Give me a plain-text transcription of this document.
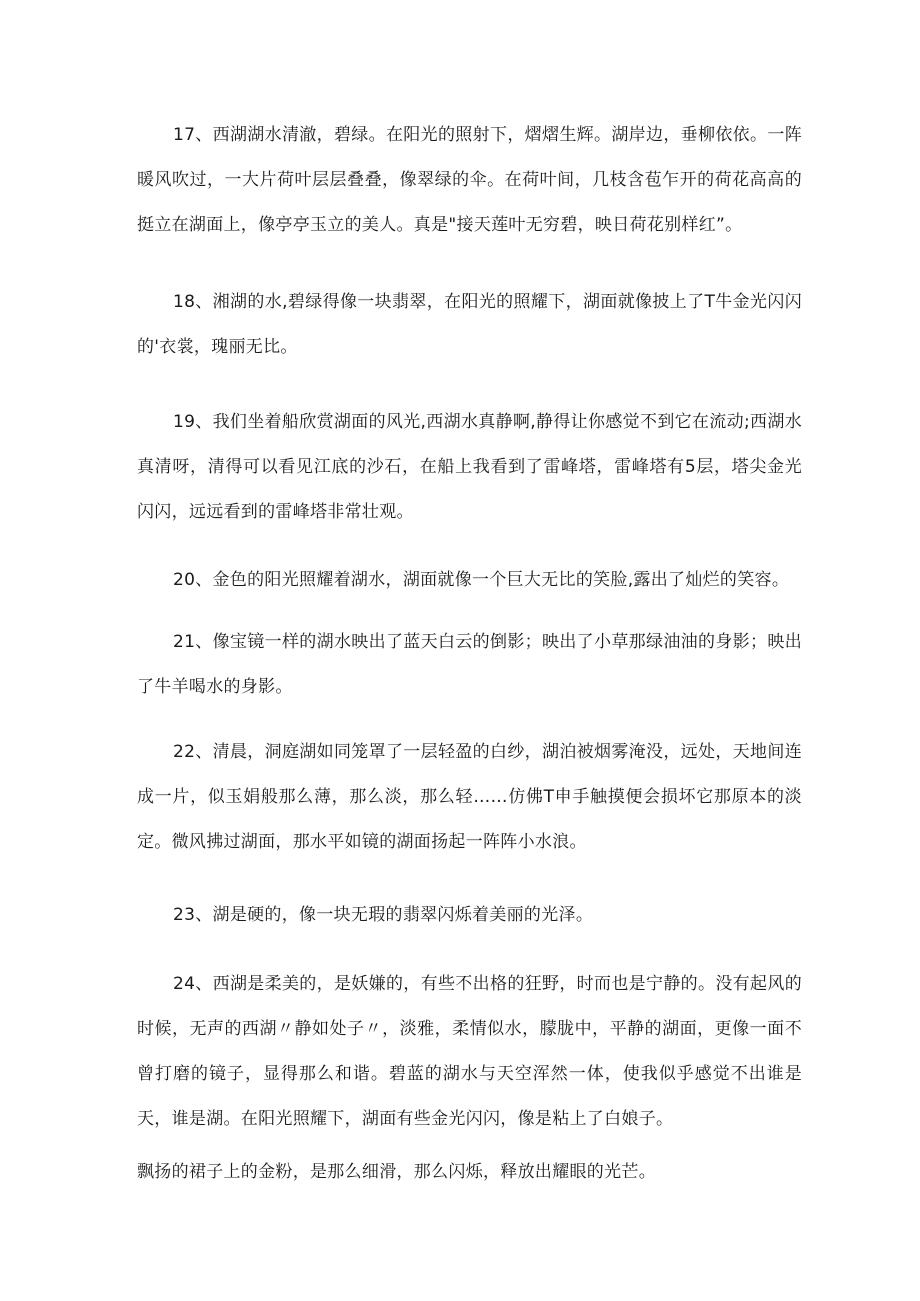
17、西湖湖水清澈，碧绿。在阳光的照射下，熠熠生辉。湖岸边，垂柳依依。一阵暖风吹过，一大片荷叶层层叠叠，像翠绿的伞。在荷叶间，几枝含苞乍开的荷花高高的挺立在湖面上，像亭亭玉立的美人。真是"接天莲叶无穷碧，映日荷花别样红”。

18、湘湖的水,碧绿得像一块翡翠，在阳光的照耀下，湖面就像披上了T牛金光闪闪的'衣裳，瑰丽无比。

19、我们坐着船欣赏湖面的风光,西湖水真静啊,静得让你感觉不到它在流动;西湖水真清呀，清得可以看见江底的沙石，在船上我看到了雷峰塔，雷峰塔有5层，塔尖金光闪闪，远远看到的雷峰塔非常壮观。

20、金色的阳光照耀着湖水，湖面就像一个巨大无比的笑脸,露出了灿烂的笑容。

21、像宝镜一样的湖水映出了蓝天白云的倒影；映出了小草那绿油油的身影；映出了牛羊喝水的身影。

22、清晨，洞庭湖如同笼罩了一层轻盈的白纱，湖泊被烟雾淹没，远处，天地间连成一片，似玉娟般那么薄，那么淡，那么轻……仿佛T申手触摸便会损坏它那原本的淡定。微风拂过湖面，那水平如镜的湖面扬起一阵阵小水浪。

23、湖是硬的，像一块无瑕的翡翠闪烁着美丽的光泽。

24、西湖是柔美的，是妖嫌的，有些不出格的狂野，时而也是宁静的。没有起风的时候，无声的西湖〃静如处子〃，淡雅，柔情似水，朦胧中，平静的湖面，更像一面不曾打磨的镜子，显得那么和谐。碧蓝的湖水与天空浑然一体，使我似乎感觉不出谁是天，谁是湖。在阳光照耀下，湖面有些金光闪闪，像是粘上了白娘子。

飘扬的裙子上的金粉，是那么细滑，那么闪烁，释放出耀眼的光芒。
